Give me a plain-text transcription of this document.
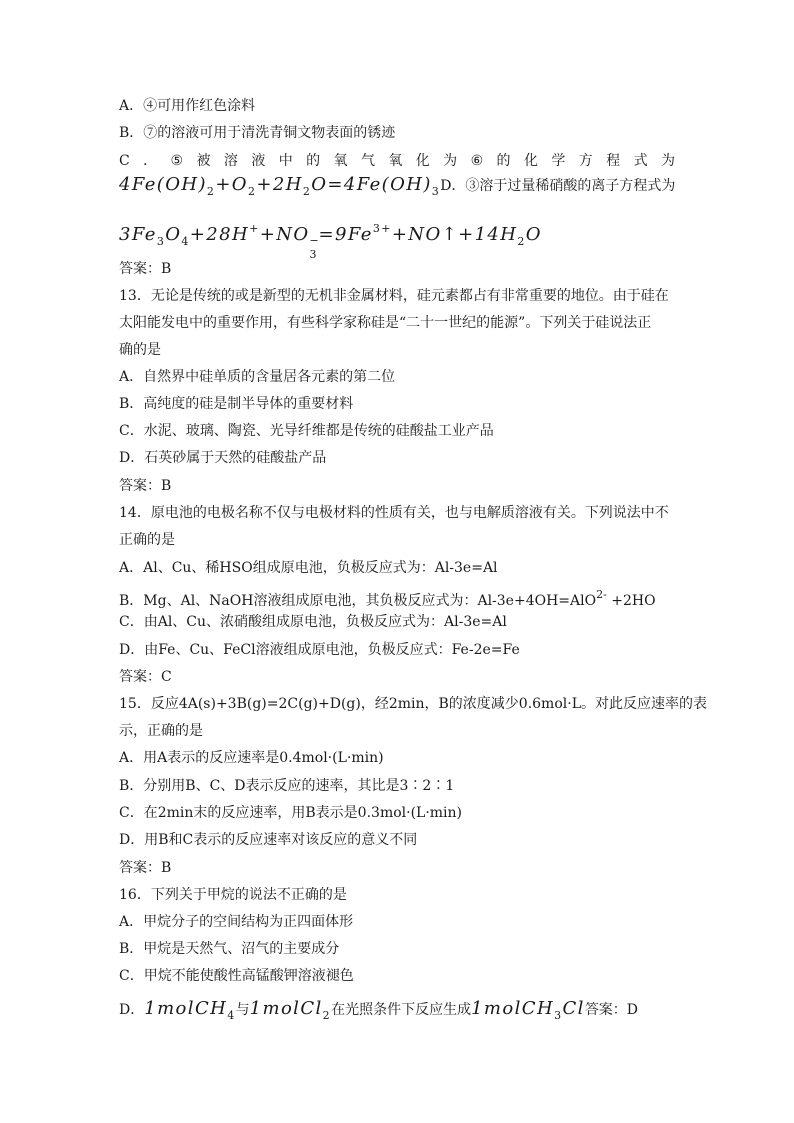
A．④可用作红色涂料
B．⑦的溶液可用于清洗青铜文物表面的锈迹
C ． ⑤ 被 溶 液 中 的 氧 气 氧 化 为 ⑥ 的 化 学 方 程 式 为
$4Fe(OH)_2+O_2+2H_2O=4Fe(OH)_3D$．③溶于过量稀硝酸的离子方程式为
$3Fe_3O_4+28H^++NO$ −
3
$=9Fe^{3+}+NO↑+14H_2O$
答案：B
13．无论是传统的或是新型的无机非金属材料，硅元素都占有非常重要的地位。由于硅在
太阳能发电中的重要作用，有些科学家称硅是“二十一世纪的能源”。下列关于硅说法正
确的是
A．自然界中硅单质的含量居各元素的第二位
B．高纯度的硅是制半导体的重要材料
C．水泥、玻璃、陶瓷、光导纤维都是传统的硅酸盐工业产品
D．石英砂属于天然的硅酸盐产品
答案：B
14．原电池的电极名称不仅与电极材料的性质有关，也与电解质溶液有关。下列说法中不
正确的是
A．Al、Cu、稀HSO组成原电池，负极反应式为：Al-3e=Al
B．Mg、Al、NaOH溶液组成原电池，其负极反应式为：Al-3e+4OH=AlO$^{2-}$ +2HO
C．由Al、Cu、浓硝酸组成原电池，负极反应式为：Al-3e=Al
D．由Fe、Cu、FeCl溶液组成原电池，负极反应式：Fe-2e=Fe
答案：C
15．反应4A(s)+3B(g)=2C(g)+D(g)，经2min，B的浓度减少0.6mol·L。对此反应速率的表
示，正确的是
A．用A表示的反应速率是0.4mol·(L·min)
B．分别用B、C、D表示反应的速率，其比是3∶2∶1
C．在2min末的反应速率，用B表示是0.3mol·(L·min)
D．用B和C表示的反应速率对该反应的意义不同
答案：B
16．下列关于甲烷的说法不正确的是
A．甲烷分子的空间结构为正四面体形
B．甲烷是天然气、沼气的主要成分
C．甲烷不能使酸性高锰酸钾溶液褪色
D．1molCH$_4$与1molCl$_2$在光照条件下反应生成1molCH$_3$Cl答案：D
